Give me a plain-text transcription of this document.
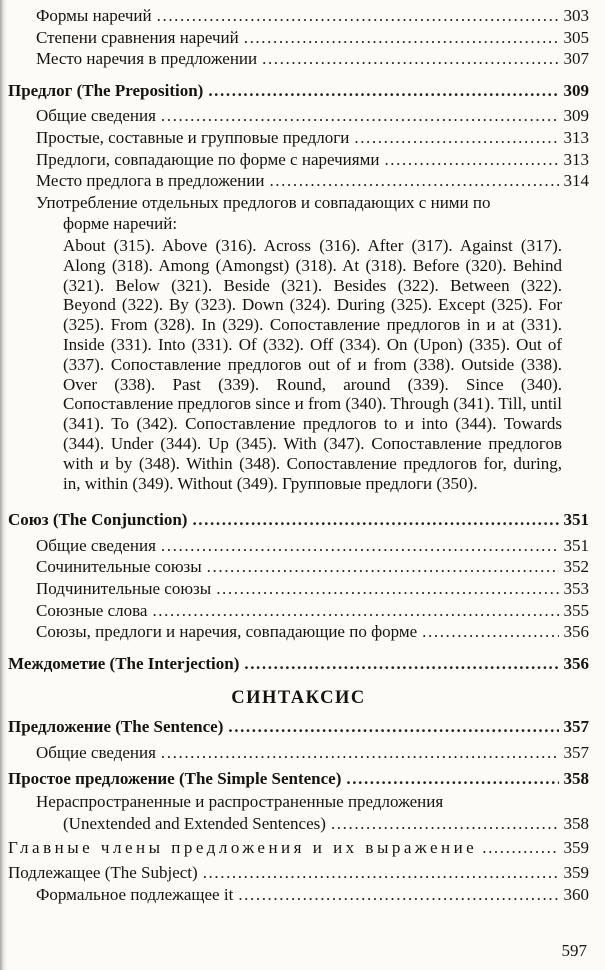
Формы наречий .....	303
Степени сравнения наречий .....	305
Место наречия в предложении .....	307
Предлог (The Preposition) .....	309
Общие сведения .....	309
Простые, составные и групповые предлоги .....	313
Предлоги, совпадающие по форме с наречиями .....	313
Место предлога в предложении .....	314
Употребление отдельных предлогов и совпадающих с ними по
форме наречий:
About (315). Above (316). Across (316). After (317). Against (317). Along (318). Among (Amongst) (318). At (318). Before (320). Behind (321). Below (321). Beside (321). Besides (322). Between (322). Beyond (322). By (323). Down (324). During (325). Except (325). For (325). From (328). In (329). Сопоставление предлогов in и at (331). Inside (331). Into (331). Of (332). Off (334). On (Upon) (335). Out of (337). Сопоставление предлогов out of и from (338). Outside (338). Over (338). Past (339). Round, around (339). Since (340). Сопоставление предлогов since и from (340). Through (341). Till, until (341). To (342). Сопоставление предлогов to и into (344). Towards (344). Under (344). Up (345). With (347). Сопоставление предлогов with и by (348). Within (348). Сопоставление предлогов for, during, in, within (349). Without (349). Групповые предлоги (350).
Союз (The Conjunction) .....	351
Общие сведения .....	351
Сочинительные союзы .....	352
Подчинительные союзы .....	353
Союзные слова .....	355
Союзы, предлоги и наречия, совпадающие по форме .....	356
Междометие (The Interjection) .....	356
СИНТАКСИС
Предложение (The Sentence) .....	357
Общие сведения .....	357
Простое предложение (The Simple Sentence) .....	358
Нераспространенные и распространенные предложения
(Unextended and Extended Sentences) .....	358
Главные члены предложения и их выражение .....	359
Подлежащее (The Subject) .....	359
Формальное подлежащее it .....	360
597
